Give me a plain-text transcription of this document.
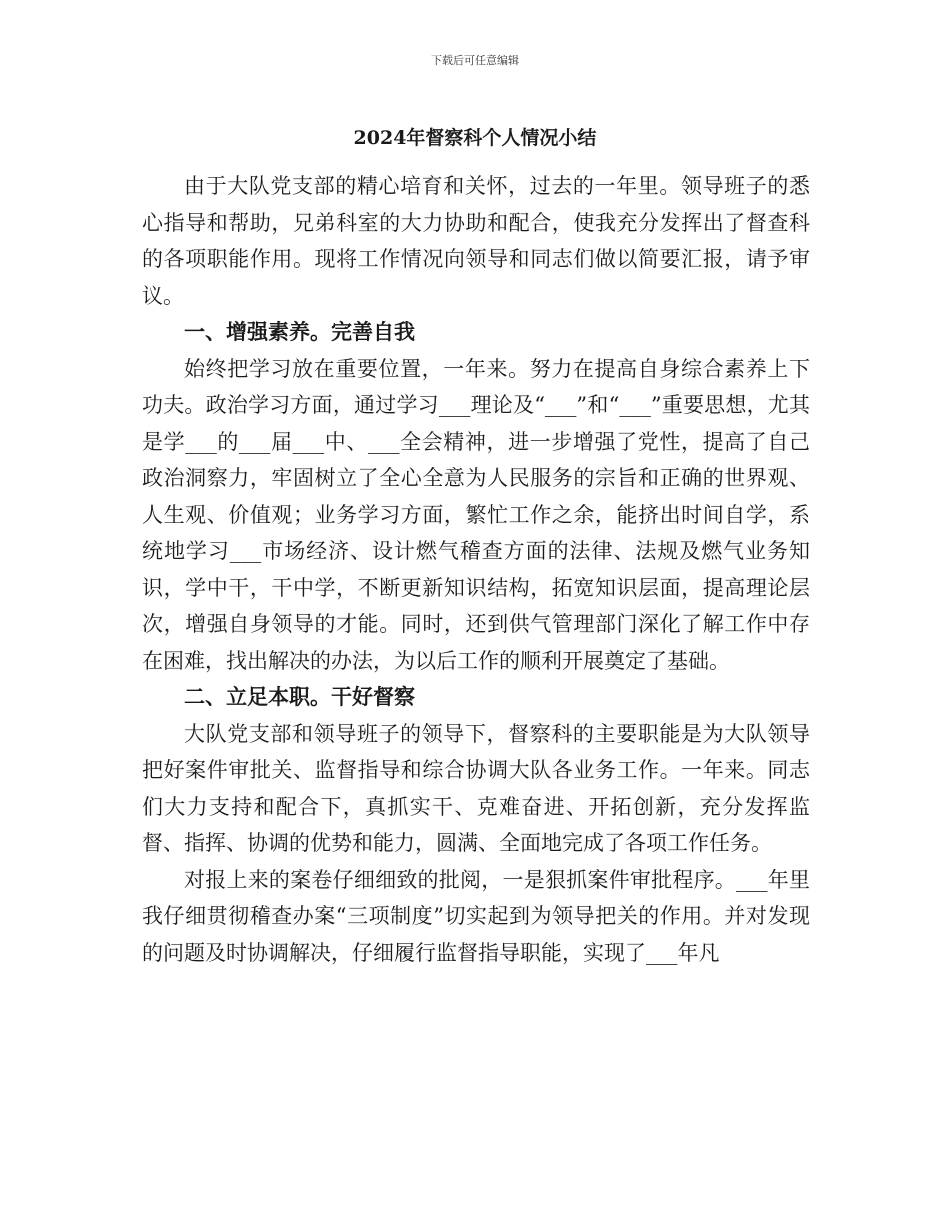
下载后可任意编辑
2024年督察科个人情况小结

由于大队党支部的精心培育和关怀，过去的一年里。领导班子的悉心指导和帮助，兄弟科室的大力协助和配合，使我充分发挥出了督查科的各项职能作用。现将工作情况向领导和同志们做以简要汇报，请予审议。

一、增强素养。完善自我

始终把学习放在重要位置，一年来。努力在提高自身综合素养上下功夫。政治学习方面，通过学习___理论及“___”和“___”重要思想，尤其是学___的___届___中、___全会精神，进一步增强了党性，提高了自己政治洞察力，牢固树立了全心全意为人民服务的宗旨和正确的世界观、人生观、价值观；业务学习方面，繁忙工作之余，能挤出时间自学，系统地学习___市场经济、设计燃气稽查方面的法律、法规及燃气业务知识，学中干，干中学，不断更新知识结构，拓宽知识层面，提高理论层次，增强自身领导的才能。同时，还到供气管理部门深化了解工作中存在困难，找出解决的办法，为以后工作的顺利开展奠定了基础。

二、立足本职。干好督察

大队党支部和领导班子的领导下，督察科的主要职能是为大队领导把好案件审批关、监督指导和综合协调大队各业务工作。一年来。同志们大力支持和配合下，真抓实干、克难奋进、开拓创新，充分发挥监督、指挥、协调的优势和能力，圆满、全面地完成了各项工作任务。

对报上来的案卷仔细细致的批阅，一是狠抓案件审批程序。___年里我仔细贯彻稽查办案“三项制度”切实起到为领导把关的作用。并对发现的问题及时协调解决，仔细履行监督指导职能，实现了___年凡
